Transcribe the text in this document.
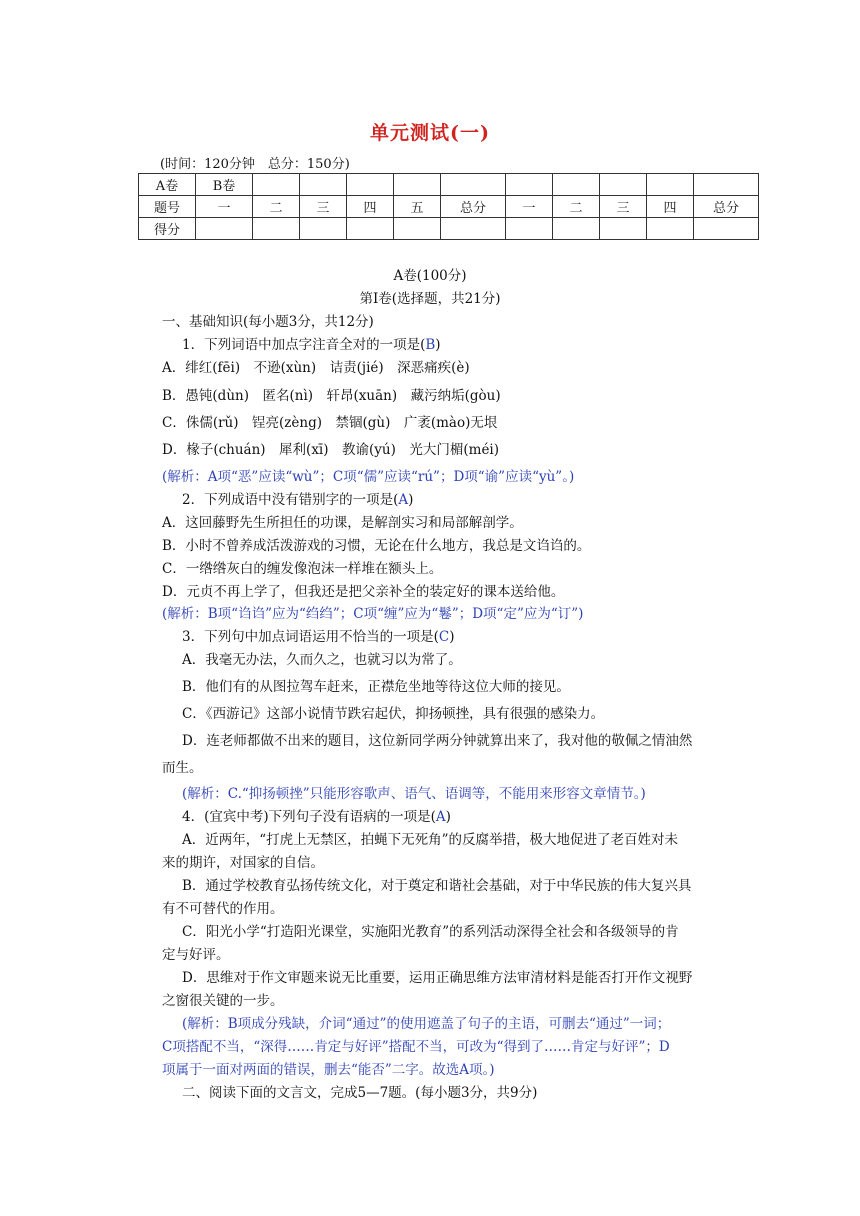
单元测试(一)
(时间：120分钟　总分：150分)
A卷	B卷										
题号	一	二	三	四	五	总分	一	二	三	四	总分
得分											
A卷(100分)
第Ⅰ卷(选择题，共21分)
一、基础知识(每小题3分，共12分)
1．下列词语中加点字注音全对的一项是(B)
A．绯红(fēi)　不逊(xùn)　诘责(jié)　深恶痛疾(è)
B．愚钝(dùn)　匿名(nì)　轩昂(xuān)　藏污纳垢(gòu)
C．侏儒(rǔ)　锃亮(zèng)　禁锢(gù)　广袤(mào)无垠
D．椽子(chuán)　犀利(xī)　教谕(yú)　光大门楣(méi)
(解析：A项“恶”应读“wù”；C项“儒”应读“rú”；D项“谕”应读“yù”。)
2．下列成语中没有错别字的一项是(A)
A．这回藤野先生所担任的功课，是解剖实习和局部解剖学。
B．小时不曾养成活泼游戏的习惯，无论在什么地方，我总是文诌诌的。
C．一绺绺灰白的缠发像泡沫一样堆在额头上。
D．元贞不再上学了，但我还是把父亲补全的装定好的课本送给他。
(解析：B项“诌诌”应为“绉绉”；C项“缠”应为“鬈”；D项“定”应为“订”)
3．下列句中加点词语运用不恰当的一项是(C)
A．我毫无办法，久而久之，也就习以为常了。
B．他们有的从图拉驾车赶来，正襟危坐地等待这位大师的接见。
C．《西游记》这部小说情节跌宕起伏，抑扬顿挫，具有很强的感染力。
D．连老师都做不出来的题目，这位新同学两分钟就算出来了，我对他的敬佩之情油然
而生。
(解析：C.“抑扬顿挫”只能形容歌声、语气、语调等，不能用来形容文章情节。)
4．(宜宾中考)下列句子没有语病的一项是(A)
A．近两年，“打虎上无禁区，拍蝇下无死角”的反腐举措，极大地促进了老百姓对未
来的期许，对国家的自信。
B．通过学校教育弘扬传统文化，对于奠定和谐社会基础，对于中华民族的伟大复兴具
有不可替代的作用。
C．阳光小学“打造阳光课堂，实施阳光教育”的系列活动深得全社会和各级领导的肯
定与好评。
D．思维对于作文审题来说无比重要，运用正确思维方法审清材料是能否打开作文视野
之窗很关键的一步。
(解析：B项成分残缺，介词“通过”的使用遮盖了句子的主语，可删去“通过”一词；
C项搭配不当，“深得……肯定与好评”搭配不当，可改为“得到了……肯定与好评”；D
项属于一面对两面的错误，删去“能否”二字。故选A项。)
二、阅读下面的文言文，完成5—7题。(每小题3分，共9分)
